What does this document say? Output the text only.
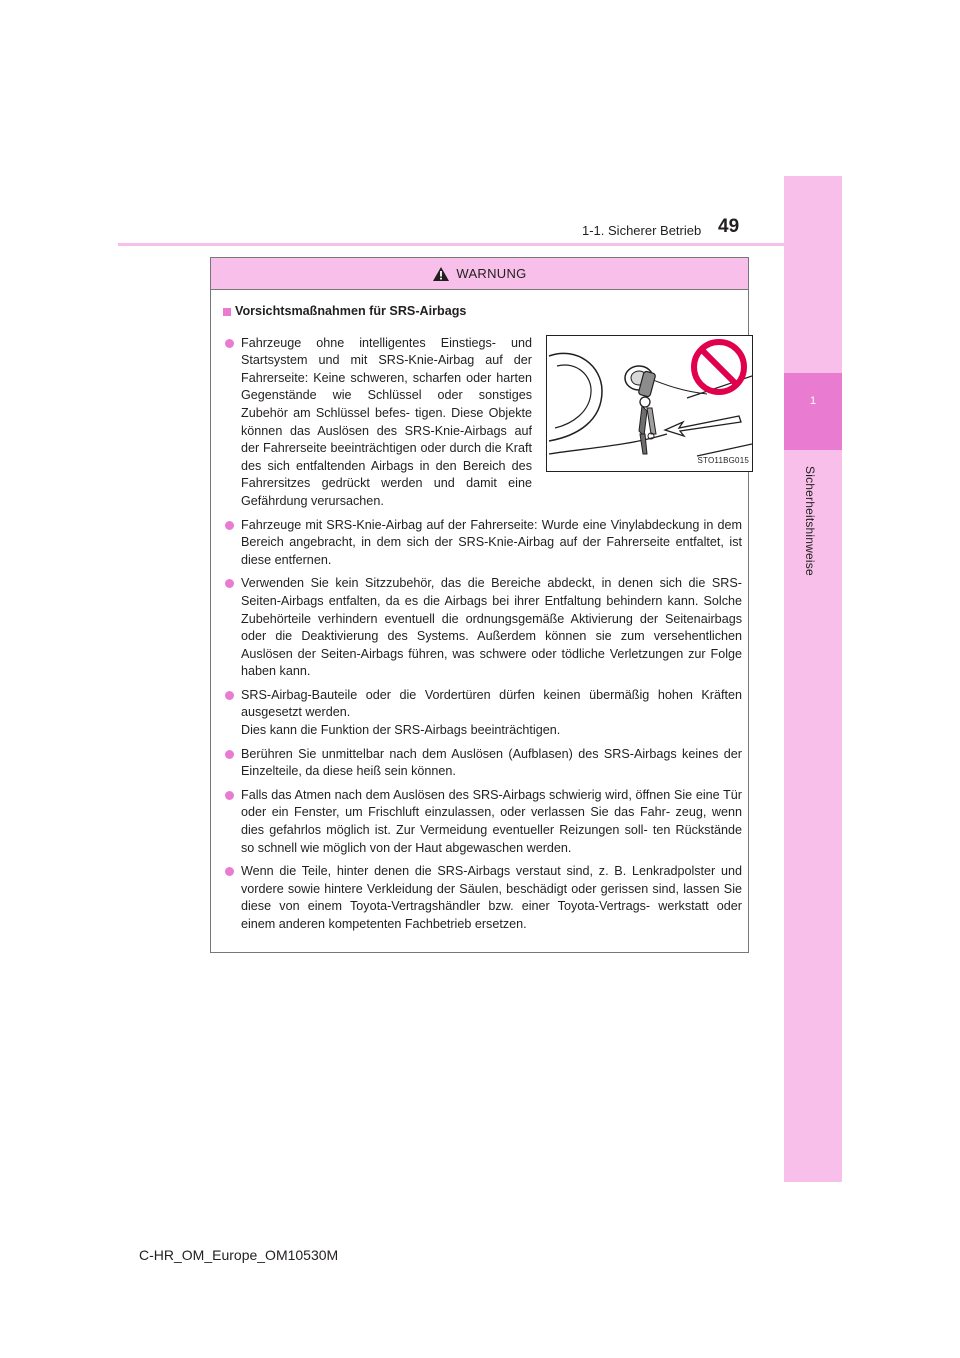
1
Sicherheitshinweise
1-1. Sicherer Betrieb 49
WARNUNG
Vorsichtsmaßnahmen für SRS-Airbags
Fahrzeuge ohne intelligentes Einstiegs- und Startsystem und mit SRS-Knie-Airbag auf der Fahrerseite: Keine schweren, scharfen oder harten Gegenstände wie Schlüssel oder sonstiges Zubehör am Schlüssel befes- tigen. Diese Objekte können das Auslösen des SRS-Knie-Airbags auf der Fahrerseite beeinträchtigen oder durch die Kraft des sich entfaltenden Airbags in den Bereich des Fahrersitzes gedrückt werden und damit eine Gefährdung verursachen.
STO11BG015
Fahrzeuge mit SRS-Knie-Airbag auf der Fahrerseite: Wurde eine Vinylabdeckung in dem Bereich angebracht, in dem sich der SRS-Knie-Airbag auf der Fahrerseite entfaltet, ist diese entfernen.
Verwenden Sie kein Sitzzubehör, das die Bereiche abdeckt, in denen sich die SRS- Seiten-Airbags entfalten, da es die Airbags bei ihrer Entfaltung behindern kann. Solche Zubehörteile verhindern eventuell die ordnungsgemäße Aktivierung der Seitenairbags oder die Deaktivierung des Systems. Außerdem können sie zum versehentlichen Auslösen der Seiten-Airbags führen, was schwere oder tödliche Verletzungen zur Folge haben kann.
SRS-Airbag-Bauteile oder die Vordertüren dürfen keinen übermäßig hohen Kräften ausgesetzt werden.
Dies kann die Funktion der SRS-Airbags beeinträchtigen.
Berühren Sie unmittelbar nach dem Auslösen (Aufblasen) des SRS-Airbags keines der Einzelteile, da diese heiß sein können.
Falls das Atmen nach dem Auslösen des SRS-Airbags schwierig wird, öffnen Sie eine Tür oder ein Fenster, um Frischluft einzulassen, oder verlassen Sie das Fahr- zeug, wenn dies gefahrlos möglich ist. Zur Vermeidung eventueller Reizungen soll- ten Rückstände so schnell wie möglich von der Haut abgewaschen werden.
Wenn die Teile, hinter denen die SRS-Airbags verstaut sind, z. B. Lenkradpolster und vordere sowie hintere Verkleidung der Säulen, beschädigt oder gerissen sind, lassen Sie diese von einem Toyota-Vertragshändler bzw. einer Toyota-Vertrags- werkstatt oder einem anderen kompetenten Fachbetrieb ersetzen.
C-HR_OM_Europe_OM10530M
